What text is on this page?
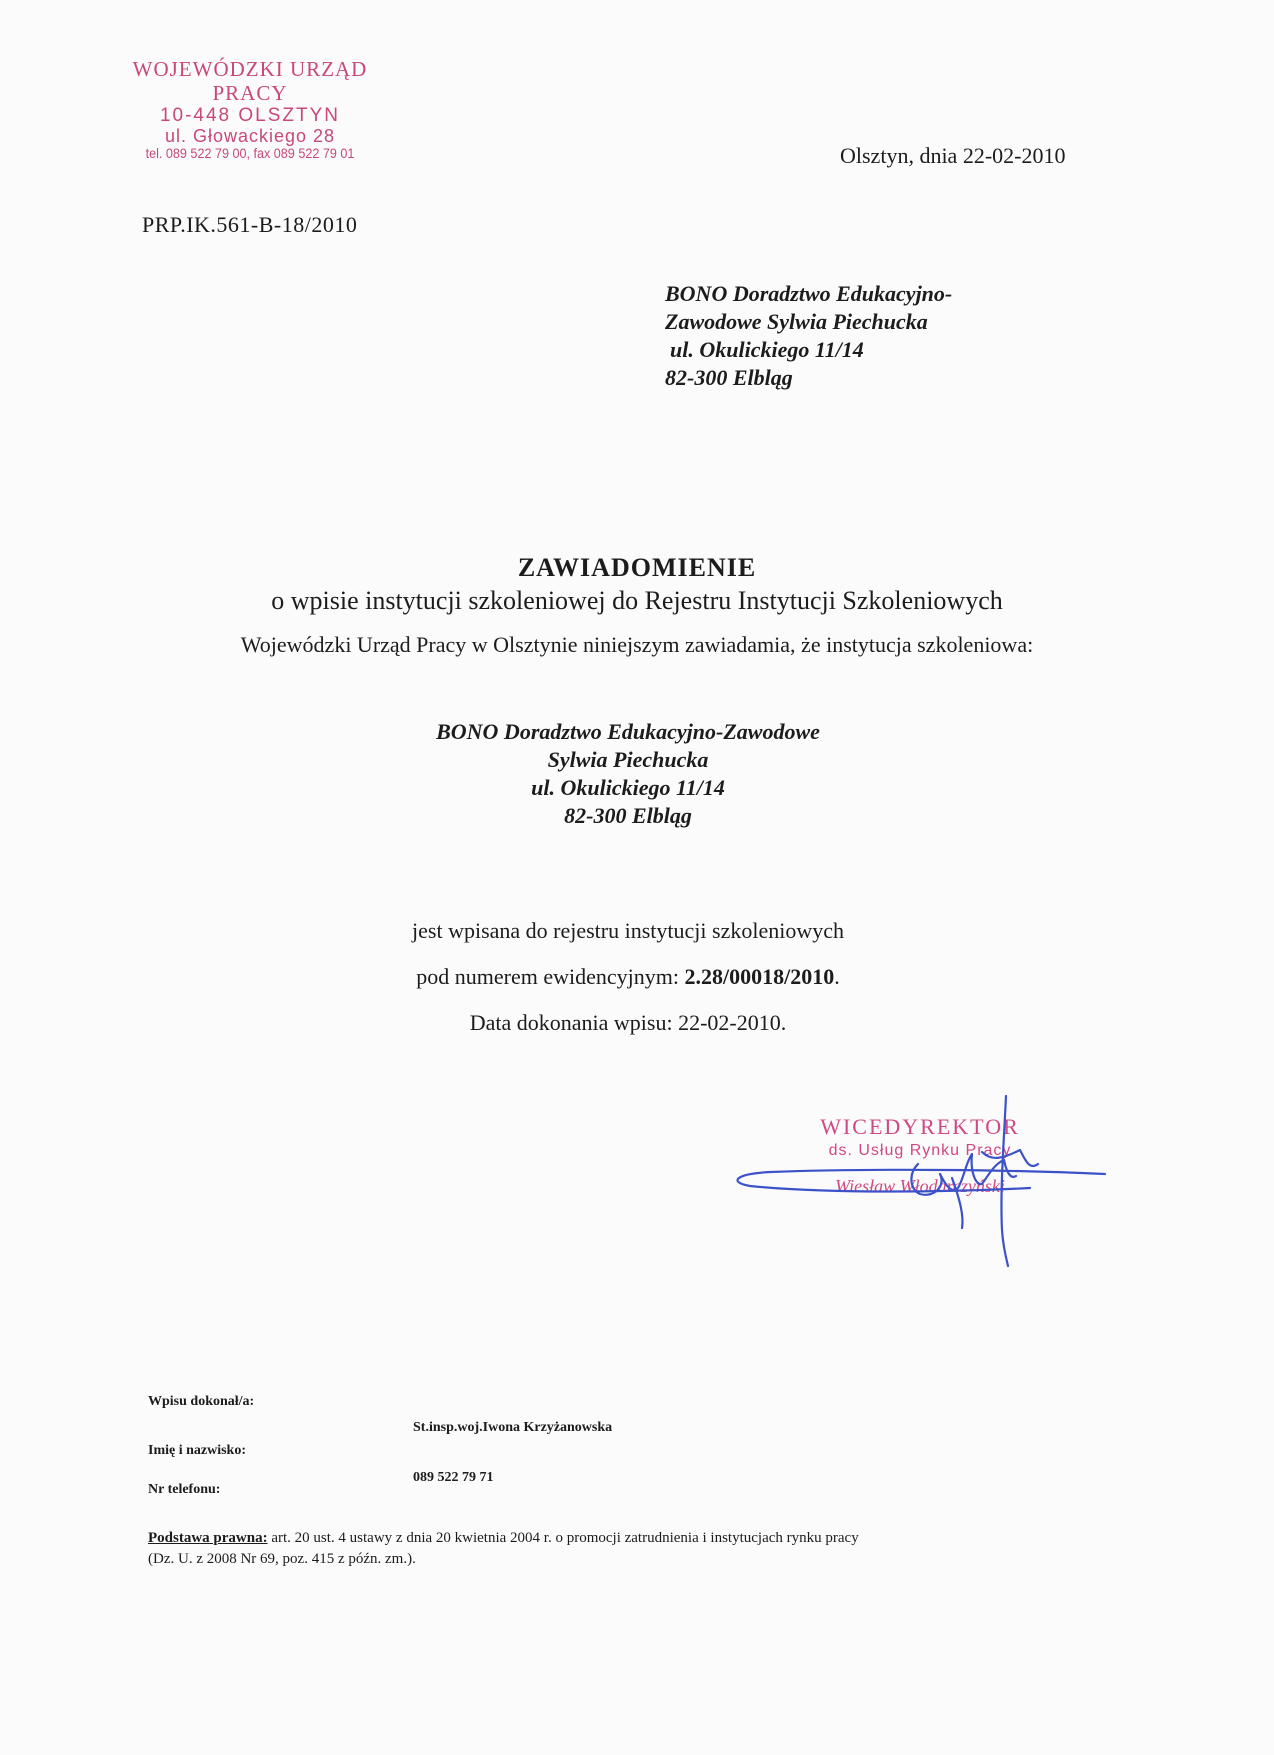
WOJEWÓDZKI URZĄD PRACY
10-448 OLSZTYN
ul. Głowackiego 28
tel. 089 522 79 00, fax 089 522 79 01	Olsztyn, dnia 22-02-2010
PRP.IK.561-B-18/2010
BONO Doradztwo Edukacyjno-
Zawodowe Sylwia Piechucka
ul. Okulickiego 11/14
82-300 Elbląg
ZAWIADOMIENIE
o wpisie instytucji szkoleniowej do Rejestru Instytucji Szkoleniowych
Wojewódzki Urząd Pracy w Olsztynie niniejszym zawiadamia, że instytucja szkoleniowa:
BONO Doradztwo Edukacyjno-Zawodowe
Sylwia Piechucka
ul. Okulickiego 11/14
82-300 Elbląg
jest wpisana do rejestru instytucji szkoleniowych
pod numerem ewidencyjnym: 2.28/00018/2010.
Data dokonania wpisu: 22-02-2010.
WICEDYREKTOR
ds. Usług Rynku Pracy
Wiesław Włodarczyński
Wpisu dokonał/a:
St.insp.woj.Iwona Krzyżanowska
Imię i nazwisko:
089 522 79 71
Nr telefonu:
Podstawa prawna: art. 20 ust. 4 ustawy z dnia 20 kwietnia 2004 r. o promocji zatrudnienia i instytucjach rynku pracy
(Dz. U. z 2008 Nr 69, poz. 415 z późn. zm.).
